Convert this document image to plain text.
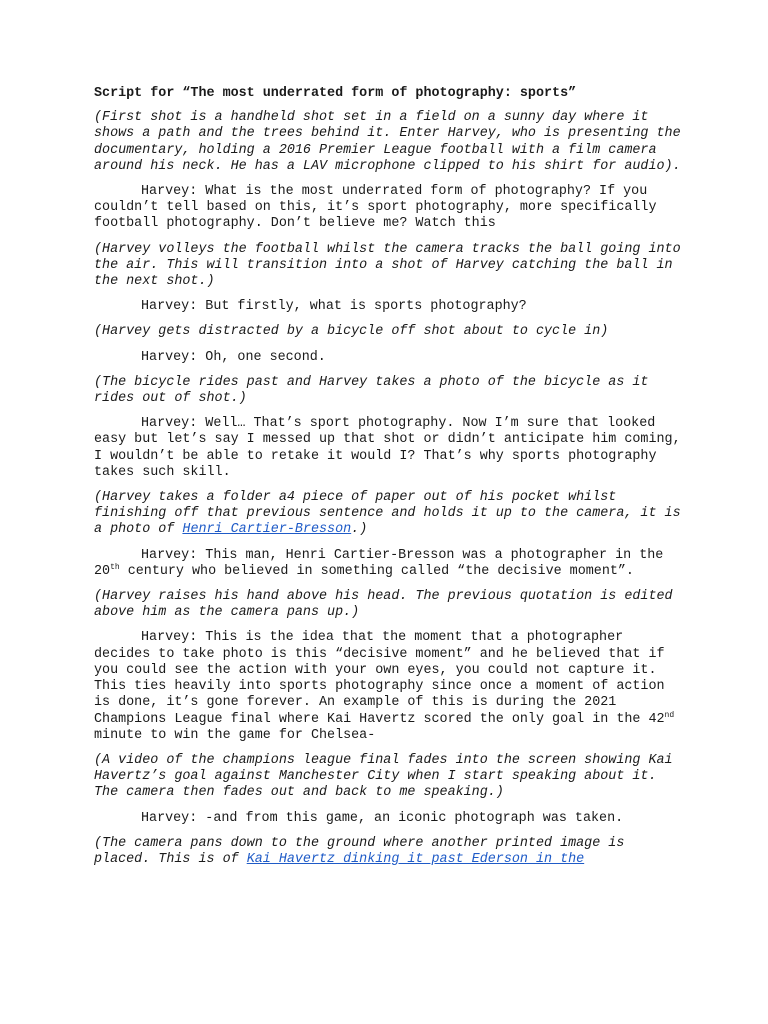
Script for “The most underrated form of photography: sports”

(First shot is a handheld shot set in a field on a sunny day where it shows a path and the trees behind it. Enter Harvey, who is presenting the documentary, holding a 2016 Premier League football with a film camera around his neck. He has a LAV microphone clipped to his shirt for audio).

Harvey: What is the most underrated form of photography? If you couldn’t tell based on this, it’s sport photography, more specifically football photography. Don’t believe me? Watch this

(Harvey volleys the football whilst the camera tracks the ball going into the air. This will transition into a shot of Harvey catching the ball in the next shot.)

Harvey: But firstly, what is sports photography?

(Harvey gets distracted by a bicycle off shot about to cycle in)

Harvey: Oh, one second.

(The bicycle rides past and Harvey takes a photo of the bicycle as it rides out of shot.)

Harvey: Well… That’s sport photography. Now I’m sure that looked easy but let’s say I messed up that shot or didn’t anticipate him coming, I wouldn’t be able to retake it would I? That’s why sports photography takes such skill.

(Harvey takes a folder a4 piece of paper out of his pocket whilst finishing off that previous sentence and holds it up to the camera, it is a photo of Henri Cartier-Bresson.)

Harvey: This man, Henri Cartier-Bresson was a photographer in the 20th century who believed in something called “the decisive moment”.

(Harvey raises his hand above his head. The previous quotation is edited above him as the camera pans up.)

Harvey: This is the idea that the moment that a photographer decides to take photo is this “decisive moment” and he believed that if you could see the action with your own eyes, you could not capture it. This ties heavily into sports photography since once a moment of action is done, it’s gone forever. An example of this is during the 2021 Champions League final where Kai Havertz scored the only goal in the 42nd minute to win the game for Chelsea-

(A video of the champions league final fades into the screen showing Kai Havertz’s goal against Manchester City when I start speaking about it. The camera then fades out and back to me speaking.)

Harvey: -and from this game, an iconic photograph was taken.

(The camera pans down to the ground where another printed image is placed. This is of Kai Havertz dinking it past Ederson in the
